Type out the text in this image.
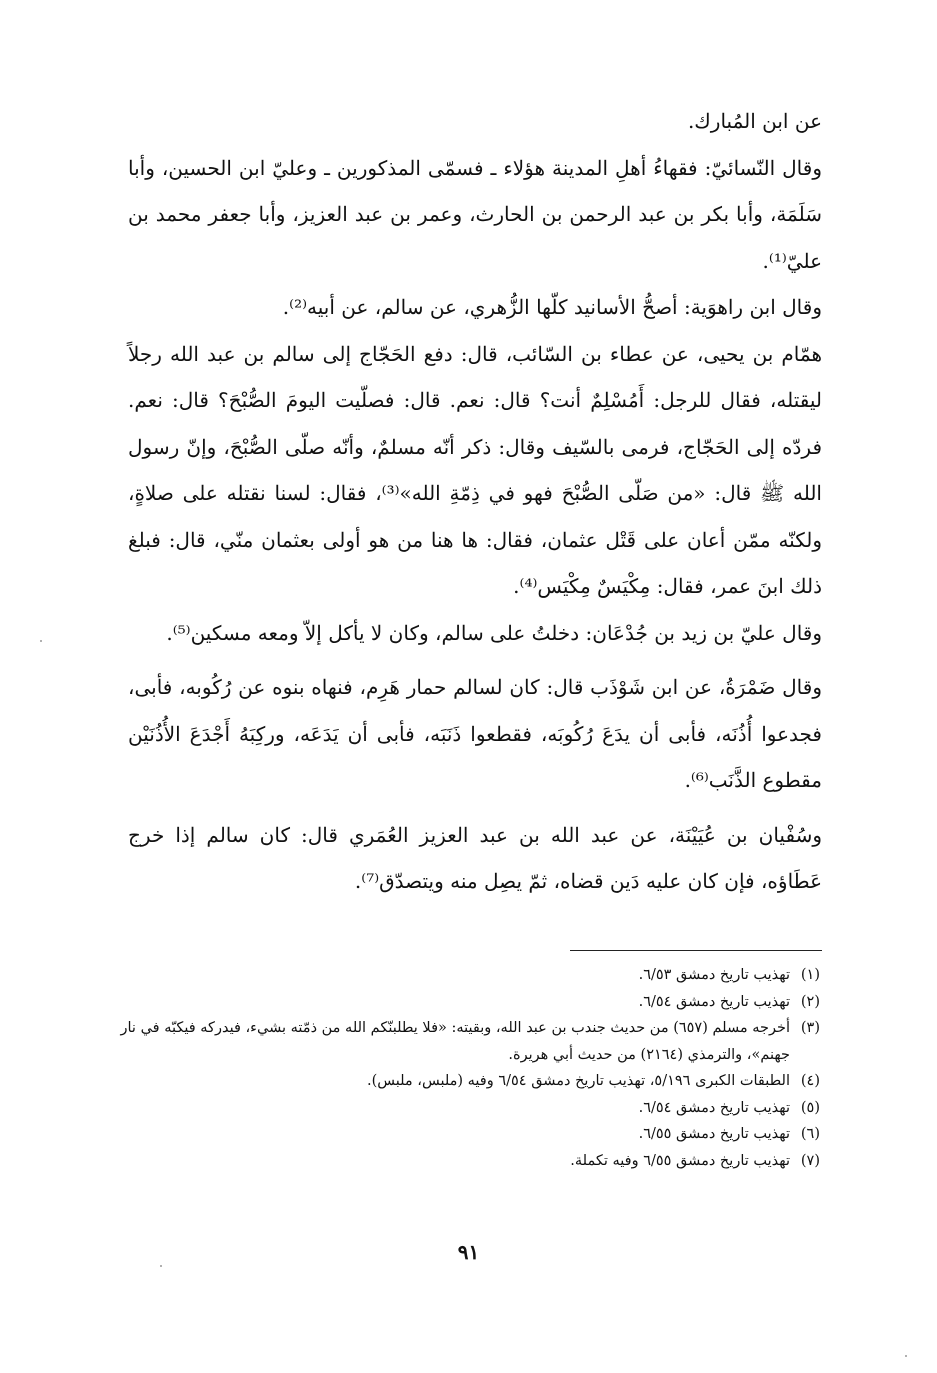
عن ابن المُبارك.

وقال النّسائيّ: فقهاءُ أهلِ المدينة هؤلاء ـ فسمّى المذكورين ـ وعليّ ابن الحسين، وأبا سَلَمَة، وأبا بكر بن عبد الرحمن بن الحارث، وعمر بن عبد العزيز، وأبا جعفر محمد بن عليّ⁽¹⁾.

وقال ابن راهوَية: أصحُّ الأسانيد كلّها الزُّهري، عن سالم، عن أبيه⁽²⁾.

همّام بن يحيى، عن عطاء بن السّائب، قال: دفع الحَجّاج إلى سالم بن عبد الله رجلاً ليقتله، فقال للرجل: أَمُسْلِمٌ أنت؟ قال: نعم. قال: فصلّيت اليومَ الصُّبْحَ؟ قال: نعم. فردّه إلى الحَجّاج، فرمى بالسّيف وقال: ذكر أنّه مسلمٌ، وأنّه صلّى الصُّبْحَ، وإنّ رسول الله ﷺ قال: «من صَلّى الصُّبْحَ فهو في ذِمّةِ الله»⁽³⁾، فقال: لسنا نقتله على صلاةٍ، ولكنّه ممّن أعان على قَتْل عثمان، فقال: ها هنا من هو أولى بعثمان منّي، قال: فبلغ ذلك ابنَ عمر، فقال: مِكْيَسٌ مِكْيَس⁽⁴⁾.

وقال عليّ بن زيد بن جُدْعَان: دخلتُ على سالم، وكان لا يأكل إلاّ ومعه مسكين⁽⁵⁾.

وقال ضَمْرَةُ، عن ابن شَوْذَب قال: كان لسالم حمار هَرِم، فنهاه بنوه عن رُكُوبه، فأبى، فجدعوا أُذُنَه، فأبى أن يدَعَ رُكُوبَه، فقطعوا ذَنَبَه، فأبى أن يَدَعَه، وركِبَهُ أَجْدَعَ الأُذُنَيْن مقطوع الذَّنَب⁽⁶⁾.

وسُفْيان بن عُيَيْنَة، عن عبد الله بن عبد العزيز العُمَري قال: كان سالم إذا خرج عَطَاؤه، فإن كان عليه دَين قضاه، ثمّ يصِل منه ويتصدّق⁽⁷⁾.

(١)
تهذيب تاريخ دمشق ٦/٥٣.
(٢)
تهذيب تاريخ دمشق ٦/٥٤.
(٣)
أخرجه مسلم (٦٥٧) من حديث جندب بن عبد الله، وبقيته: «فلا يطلبنّكم الله من ذمّته بشيء، فيدركه فيكبّه في نار جهنم»، والترمذي (٢١٦٤) من حديث أبي هريرة.
(٤)
الطبقات الكبرى ٥/١٩٦، تهذيب تاريخ دمشق ٦/٥٤ وفيه (ملبس، ملبس).
(٥)
تهذيب تاريخ دمشق ٦/٥٤.
(٦)
تهذيب تاريخ دمشق ٦/٥٥.
(٧)
تهذيب تاريخ دمشق ٦/٥٥ وفيه تكملة.
٩١
